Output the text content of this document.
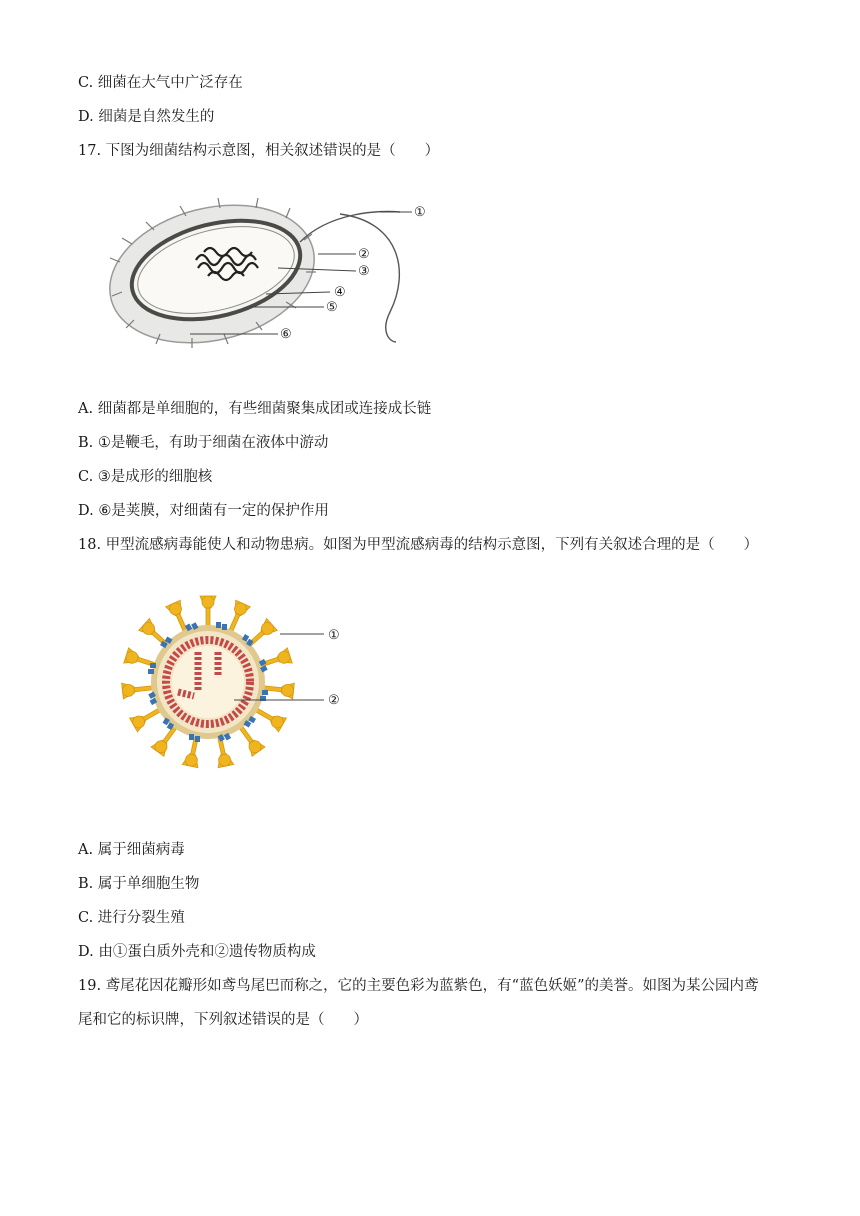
C. 细菌在大气中广泛存在
D. 细菌是自然发生的
17. 下图为细菌结构示意图，相关叙述错误的是（　　）
①
②
③
④
⑤
⑥
A. 细菌都是单细胞的，有些细菌聚集成团或连接成长链
B. ①是鞭毛，有助于细菌在液体中游动
C. ③是成形的细胞核
D. ⑥是荚膜，对细菌有一定的保护作用
18. 甲型流感病毒能使人和动物患病。如图为甲型流感病毒的结构示意图，下列有关叙述合理的是（　　）
①
②
A. 属于细菌病毒
B. 属于单细胞生物
C. 进行分裂生殖
D. 由①蛋白质外壳和②遗传物质构成
19. 鸢尾花因花瓣形如鸢鸟尾巴而称之，它的主要色彩为蓝紫色，有“蓝色妖姬”的美誉。如图为某公园内鸢
尾和它的标识牌，下列叙述错误的是（　　）
